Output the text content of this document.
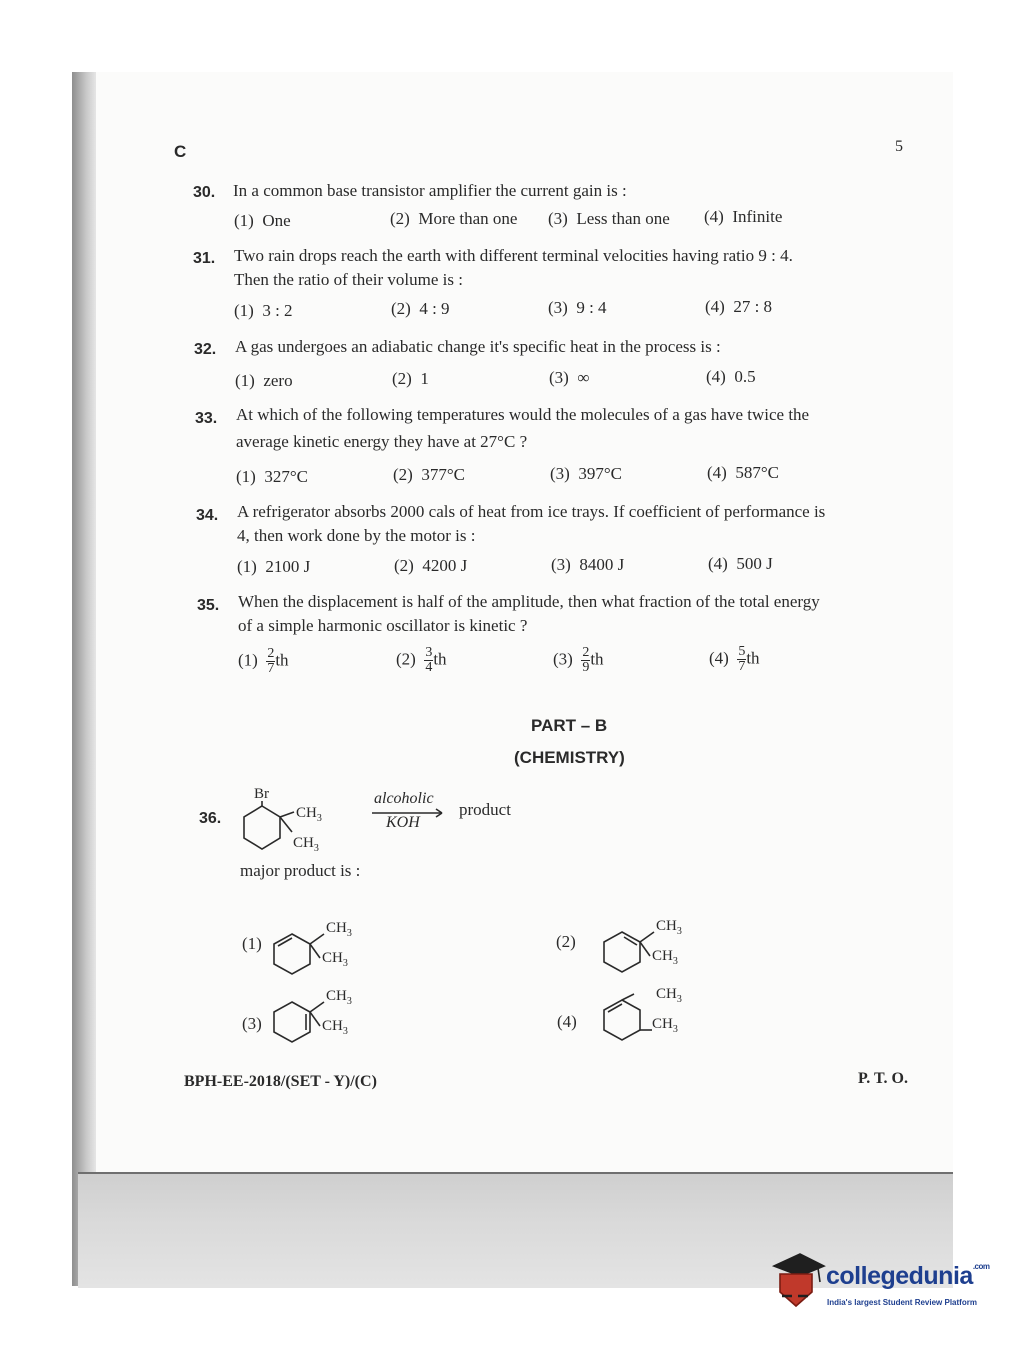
C	5
30. In a common base transistor amplifier the current gain is :
(1) One	(2) More than one (3) Less than one (4) Infinite
31. Two rain drops reach the earth with different terminal velocities having ratio 9 : 4.
Then the ratio of their volume is :
(1) 3 : 2	(2) 4 : 9	(3) 9 : 4	(4) 27 : 8
32. A gas undergoes an adiabatic change it's specific heat in the process is :
(1) zero	(2) 1	(3) ∞	(4) 0.5
33. At which of the following temperatures would the molecules of a gas have twice the
average kinetic energy they have at 27°C ?
(1) 327°C	(2) 377°C	(3) 397°C	(4) 587°C
34. A refrigerator absorbs 2000 cals of heat from ice trays. If coefficient of performance is
4, then work done by the motor is :
(1) 2100 J	(2) 4200 J	(3) 8400 J	(4) 500 J
35. When the displacement is half of the amplitude, then what fraction of the total energy
of a simple harmonic oscillator is kinetic ?
$(1) \frac{2}{7}$ th	$(2) \frac{3}{4}$ th	$(3) \frac{2}{9}$ th	$(4) \frac{5}{7}$ th
PART – B
(CHEMISTRY)
36.
Br
$CH_3$
$CH_3$
alcoholic
KOH
product
major product is :
(1)
$CH_3$
$CH_3$
(2)
$CH_3$
$CH_3$
(3)
$CH_3$
$CH_3$
(4)
$CH_3$
$CH_3$
BPH-EE-2018/(SET - Y)/(C)	P. T. O.
collegedunia$^{.com}$
India's largest Student Review Platform
